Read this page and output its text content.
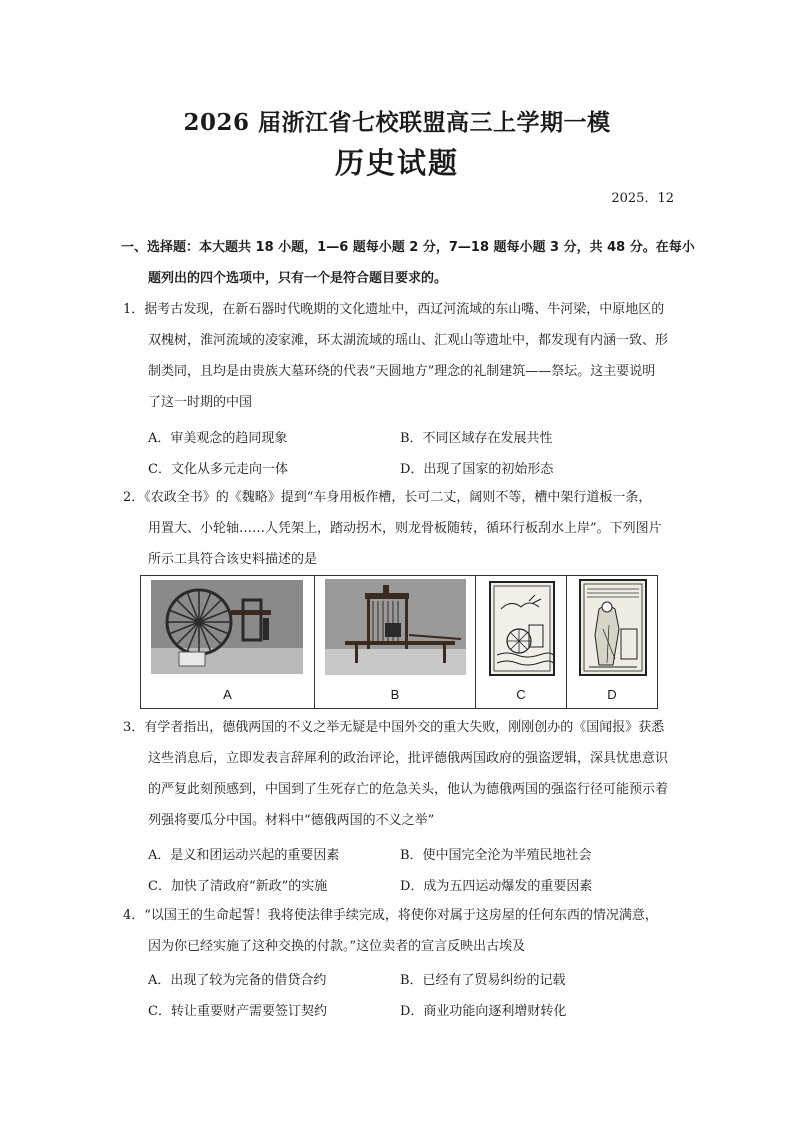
2026 届浙江省七校联盟高三上学期一模
历史试题
2025．12
一、选择题：本大题共 18 小题，1—6 题每小题 2 分，7—18 题每小题 3 分，共 48 分。在每小
题列出的四个选项中，只有一个是符合题目要求的。
1．据考古发现，在新石器时代晚期的文化遗址中，西辽河流域的东山嘴、牛河梁，中原地区的
双槐树，淮河流域的凌家滩，环太湖流域的瑶山、汇观山等遗址中，都发现有内涵一致、形
制类同，且均是由贵族大墓环绕的代表“天圆地方”理念的礼制建筑——祭坛。这主要说明
了这一时期的中国
A．审美观念的趋同现象	B．不同区域存在发展共性
C．文化从多元走向一体	D．出现了国家的初始形态
2．《农政全书》的《魏略》提到“车身用板作槽，长可二丈，阔则不等，槽中架行道板一条，
用置大、小轮轴……人凭架上，踏动拐木，则龙骨板随转，循环行板刮水上岸”。下列图片
所示工具符合该史料描述的是
A	B	C	D
3．有学者指出，德俄两国的不义之举无疑是中国外交的重大失败，刚刚创办的《国闻报》获悉
这些消息后，立即发表言辞犀利的政治评论，批评德俄两国政府的强盗逻辑，深具忧患意识
的严复此刻预感到，中国到了生死存亡的危急关头，他认为德俄两国的强盗行径可能预示着
列强将要瓜分中国。材料中“德俄两国的不义之举”
A．是义和团运动兴起的重要因素	B．使中国完全沦为半殖民地社会
C．加快了清政府“新政”的实施	D．成为五四运动爆发的重要因素
4．“以国王的生命起誓！我将使法律手续完成，将使你对属于这房屋的任何东西的情况满意，
因为你已经实施了这种交换的付款。”这位卖者的宣言反映出古埃及
A．出现了较为完备的借贷合约	B．已经有了贸易纠纷的记载
C．转让重要财产需要签订契约	D．商业功能向逐利增财转化
